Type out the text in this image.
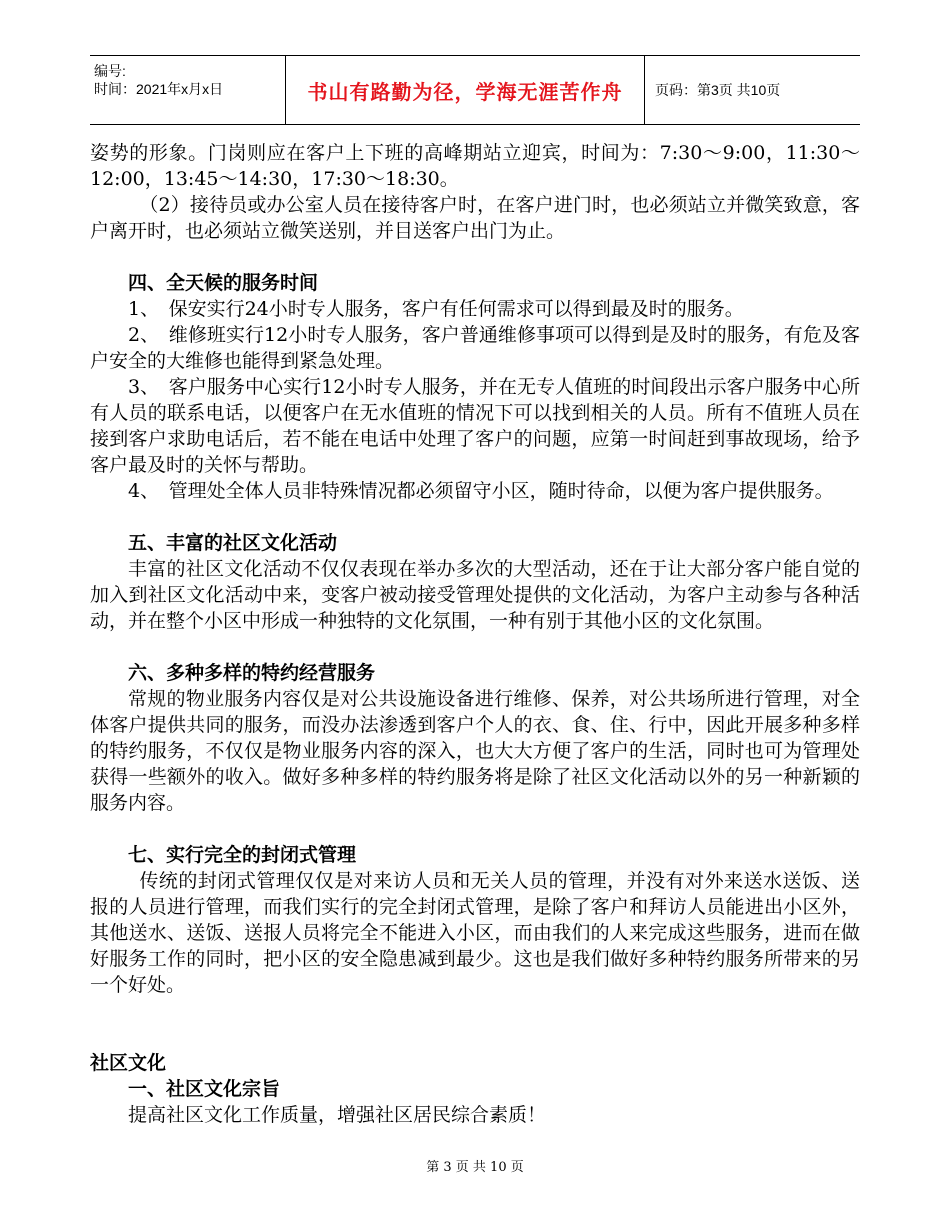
编号:
时间：2021年x月x日	书山有路勤为径，学海无涯苦作舟 页码：第3页 共10页

姿势的形象。门岗则应在客户上下班的高峰期站立迎宾，时间为：7:30～9:00，11:30～12:00，13:45～14:30，17:30～18:30。

（2）接待员或办公室人员在接待客户时，在客户进门时，也必须站立并微笑致意，客户离开时，也必须站立微笑送别，并目送客户出门为止。

四、全天候的服务时间

1、　保安实行24小时专人服务，客户有任何需求可以得到最及时的服务。

2、　维修班实行12小时专人服务，客户普通维修事项可以得到是及时的服务，有危及客户安全的大维修也能得到紧急处理。

3、　客户服务中心实行12小时专人服务，并在无专人值班的时间段出示客户服务中心所有人员的联系电话，以便客户在无水值班的情况下可以找到相关的人员。所有不值班人员在接到客户求助电话后，若不能在电话中处理了客户的问题，应第一时间赶到事故现场，给予客户最及时的关怀与帮助。

4、　管理处全体人员非特殊情况都必须留守小区，随时待命，以便为客户提供服务。

五、丰富的社区文化活动

丰富的社区文化活动不仅仅表现在举办多次的大型活动，还在于让大部分客户能自觉的加入到社区文化活动中来，变客户被动接受管理处提供的文化活动，为客户主动参与各种活动，并在整个小区中形成一种独特的文化氛围，一种有别于其他小区的文化氛围。

六、多种多样的特约经营服务

常规的物业服务内容仅是对公共设施设备进行维修、保养，对公共场所进行管理，对全体客户提供共同的服务，而没办法渗透到客户个人的衣、食、住、行中，因此开展多种多样的特约服务，不仅仅是物业服务内容的深入，也大大方便了客户的生活，同时也可为管理处获得一些额外的收入。做好多种多样的特约服务将是除了社区文化活动以外的另一种新颖的服务内容。

七、实行完全的封闭式管理

传统的封闭式管理仅仅是对来访人员和无关人员的管理，并没有对外来送水送饭、送报的人员进行管理，而我们实行的完全封闭式管理，是除了客户和拜访人员能进出小区外，其他送水、送饭、送报人员将完全不能进入小区，而由我们的人来完成这些服务，进而在做好服务工作的同时，把小区的安全隐患减到最少。这也是我们做好多种特约服务所带来的另一个好处。

社区文化
一、社区文化宗旨

提高社区文化工作质量，增强社区居民综合素质！

第 3 页 共 10 页
